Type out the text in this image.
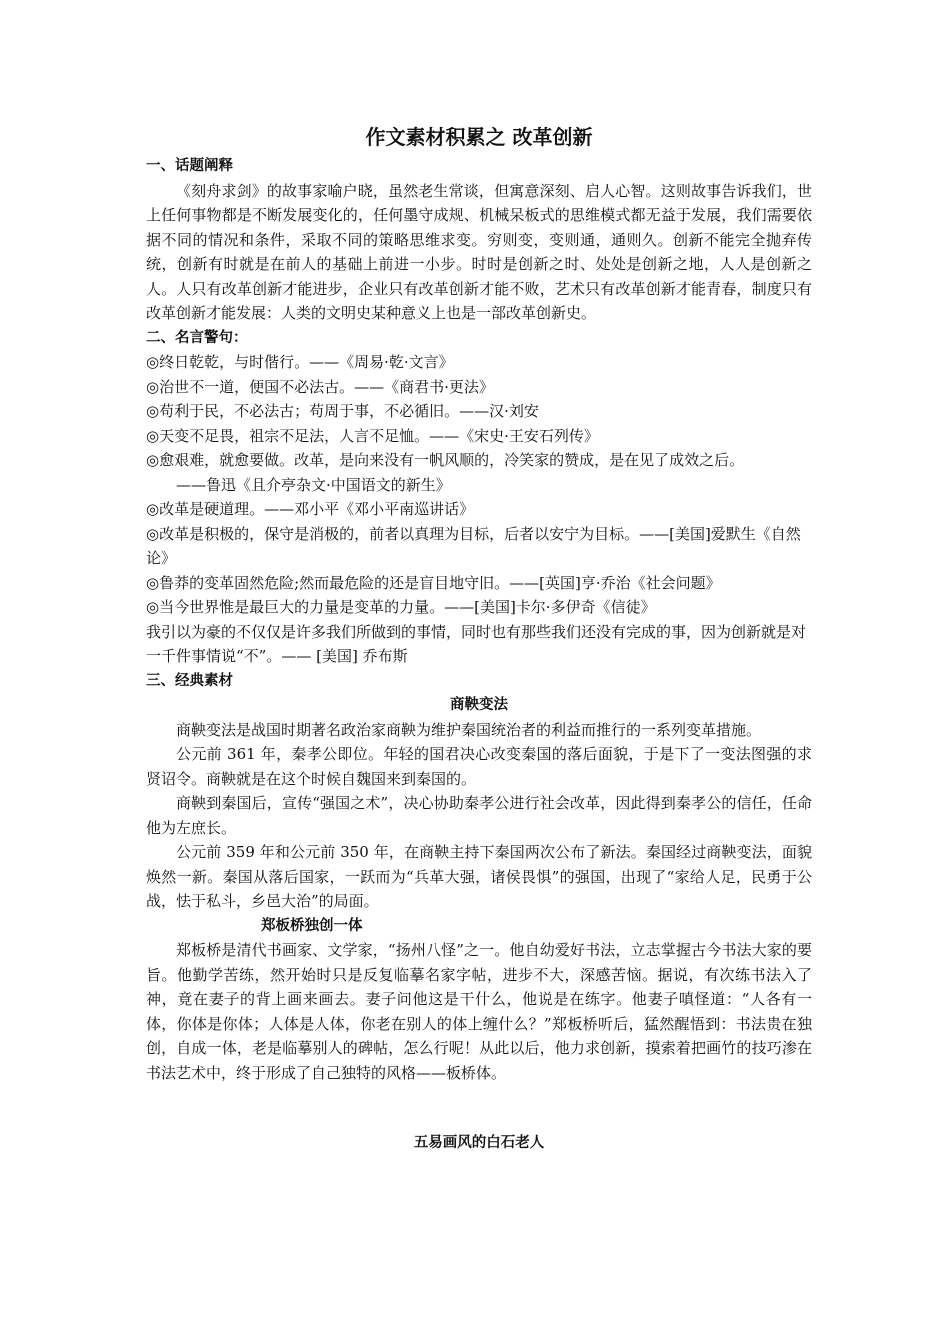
作文素材积累之 改革创新

一、话题阐释

《刻舟求剑》的故事家喻户晓，虽然老生常谈，但寓意深刻、启人心智。这则故事告诉我们，世上任何事物都是不断发展变化的，任何墨守成规、机械呆板式的思维模式都无益于发展，我们需要依据不同的情况和条件，采取不同的策略思维求变。穷则变，变则通，通则久。创新不能完全抛弃传统，创新有时就是在前人的基础上前进一小步。时时是创新之时、处处是创新之地，人人是创新之人。人只有改革创新才能进步，企业只有改革创新才能不败，艺术只有改革创新才能青春，制度只有改革创新才能发展：人类的文明史某种意义上也是一部改革创新史。

二、名言警句：

◎终日乾乾，与时偕行。——《周易·乾·文言》

◎治世不一道，便国不必法古。——《商君书·更法》

◎苟利于民，不必法古；苟周于事，不必循旧。——汉·刘安

◎天变不足畏，祖宗不足法，人言不足恤。——《宋史·王安石列传》

◎愈艰难，就愈要做。改革，是向来没有一帆风顺的，冷笑家的赞成，是在见了成效之后。

——鲁迅《且介亭杂文·中国语文的新生》

◎改革是硬道理。——邓小平《邓小平南巡讲话》

◎改革是积极的，保守是消极的，前者以真理为目标，后者以安宁为目标。——[美国]爱默生《自然论》

◎鲁莽的变革固然危险;然而最危险的还是盲目地守旧。——[英国]亨·乔治《社会问题》

◎当今世界惟是最巨大的力量是变革的力量。——[美国]卡尔·多伊奇《信徒》

我引以为豪的不仅仅是许多我们所做到的事情，同时也有那些我们还没有完成的事，因为创新就是对一千件事情说“不”。—— [美国] 乔布斯

三、经典素材

商鞅变法

商鞅变法是战国时期著名政治家商鞅为维护秦国统治者的利益而推行的一系列变革措施。

公元前 361 年，秦孝公即位。年轻的国君决心改变秦国的落后面貌，于是下了一变法图强的求贤诏令。商鞅就是在这个时候自魏国来到秦国的。

商鞅到秦国后，宣传“强国之术”，决心协助秦孝公进行社会改革，因此得到秦孝公的信任，任命他为左庶长。

公元前 359 年和公元前 350 年，在商鞅主持下秦国两次公布了新法。秦国经过商鞅变法，面貌焕然一新。秦国从落后国家，一跃而为“兵革大强，诸侯畏惧”的强国，出现了“家给人足，民勇于公战，怯于私斗，乡邑大治”的局面。

郑板桥独创一体

郑板桥是清代书画家、文学家，“扬州八怪”之一。他自幼爱好书法，立志掌握古今书法大家的要旨。他勤学苦练，然开始时只是反复临摹名家字帖，进步不大，深感苦恼。据说，有次练书法入了神，竟在妻子的背上画来画去。妻子问他这是干什么，他说是在练字。他妻子嗔怪道：“人各有一体，你体是你体；人体是人体，你老在别人的体上缠什么？”郑板桥听后，猛然醒悟到：书法贵在独创，自成一体，老是临摹别人的碑帖，怎么行呢！从此以后，他力求创新，摸索着把画竹的技巧渗在书法艺术中，终于形成了自己独特的风格——板桥体。

五易画风的白石老人
